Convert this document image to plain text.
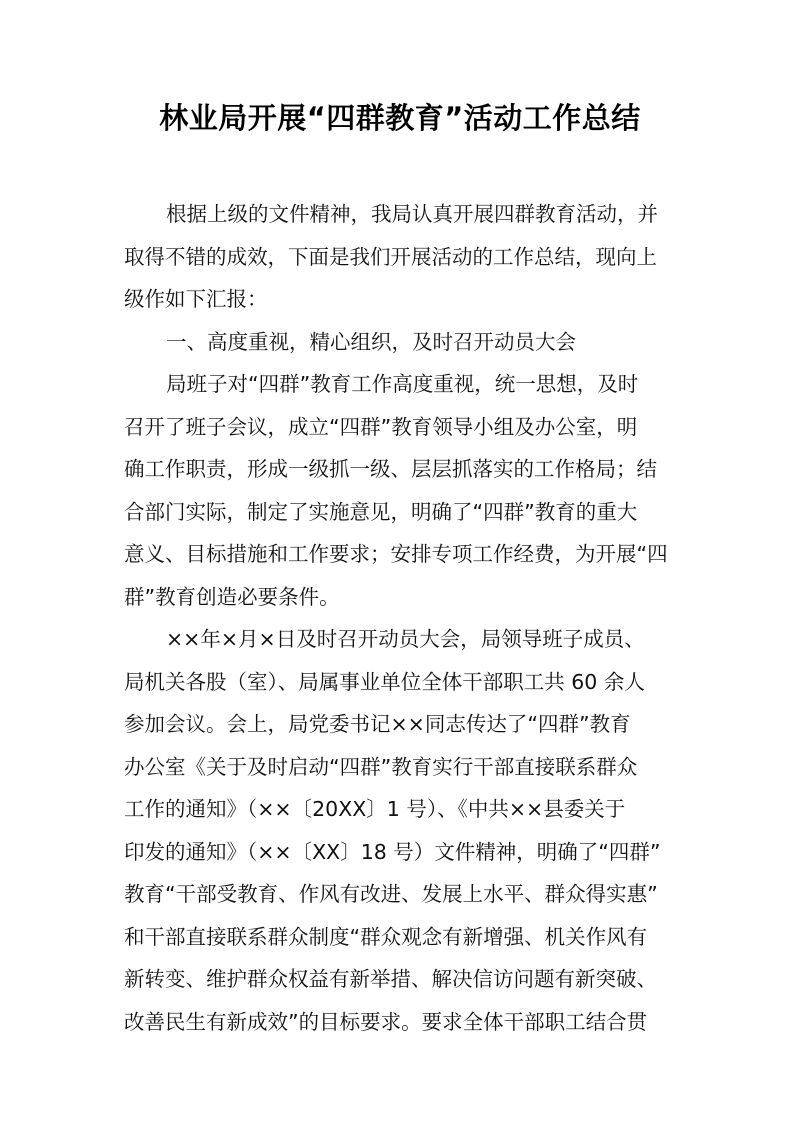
林业局开展“四群教育”活动工作总结
根据上级的文件精神，我局认真开展四群教育活动，并
取得不错的成效，下面是我们开展活动的工作总结，现向上
级作如下汇报：
一、高度重视，精心组织，及时召开动员大会
局班子对“四群”教育工作高度重视，统一思想，及时
召开了班子会议，成立“四群”教育领导小组及办公室，明
确工作职责，形成一级抓一级、层层抓落实的工作格局；结
合部门实际，制定了实施意见，明确了“四群”教育的重大
意义、目标措施和工作要求；安排专项工作经费，为开展“四
群”教育创造必要条件。
××年×月×日及时召开动员大会，局领导班子成员、
局机关各股（室）、局属事业单位全体干部职工共 60 余人
参加会议。会上，局党委书记××同志传达了“四群”教育
办公室《关于及时启动“四群”教育实行干部直接联系群众
工作的通知》（××〔20XX〕1 号）、《中共××县委关于
印发的通知》（××〔XX〕18 号）文件精神，明确了“四群”
教育“干部受教育、作风有改进、发展上水平、群众得实惠”
和干部直接联系群众制度“群众观念有新增强、机关作风有
新转变、维护群众权益有新举措、解决信访问题有新突破、
改善民生有新成效”的目标要求。要求全体干部职工结合贯
